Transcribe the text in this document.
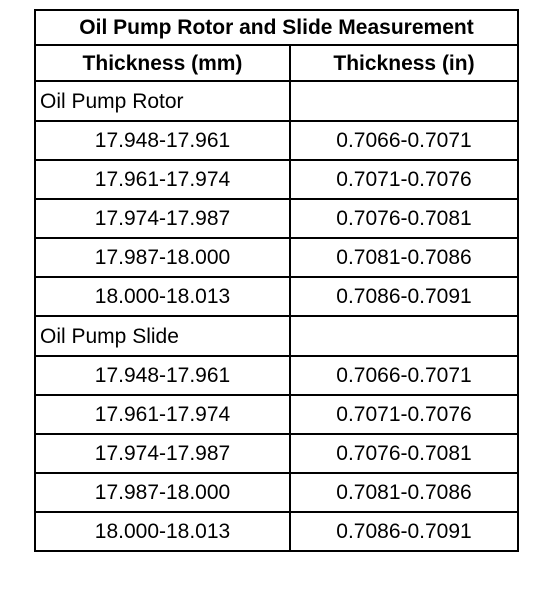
Oil Pump Rotor and Slide Measurement	
Thickness (mm)	Thickness (in)
Oil Pump Rotor	
17.948-17.961	0.7066-0.7071
17.961-17.974	0.7071-0.7076
17.974-17.987	0.7076-0.7081
17.987-18.000	0.7081-0.7086
18.000-18.013	0.7086-0.7091
Oil Pump Slide	
17.948-17.961	0.7066-0.7071
17.961-17.974	0.7071-0.7076
17.974-17.987	0.7076-0.7081
17.987-18.000	0.7081-0.7086
18.000-18.013	0.7086-0.7091
